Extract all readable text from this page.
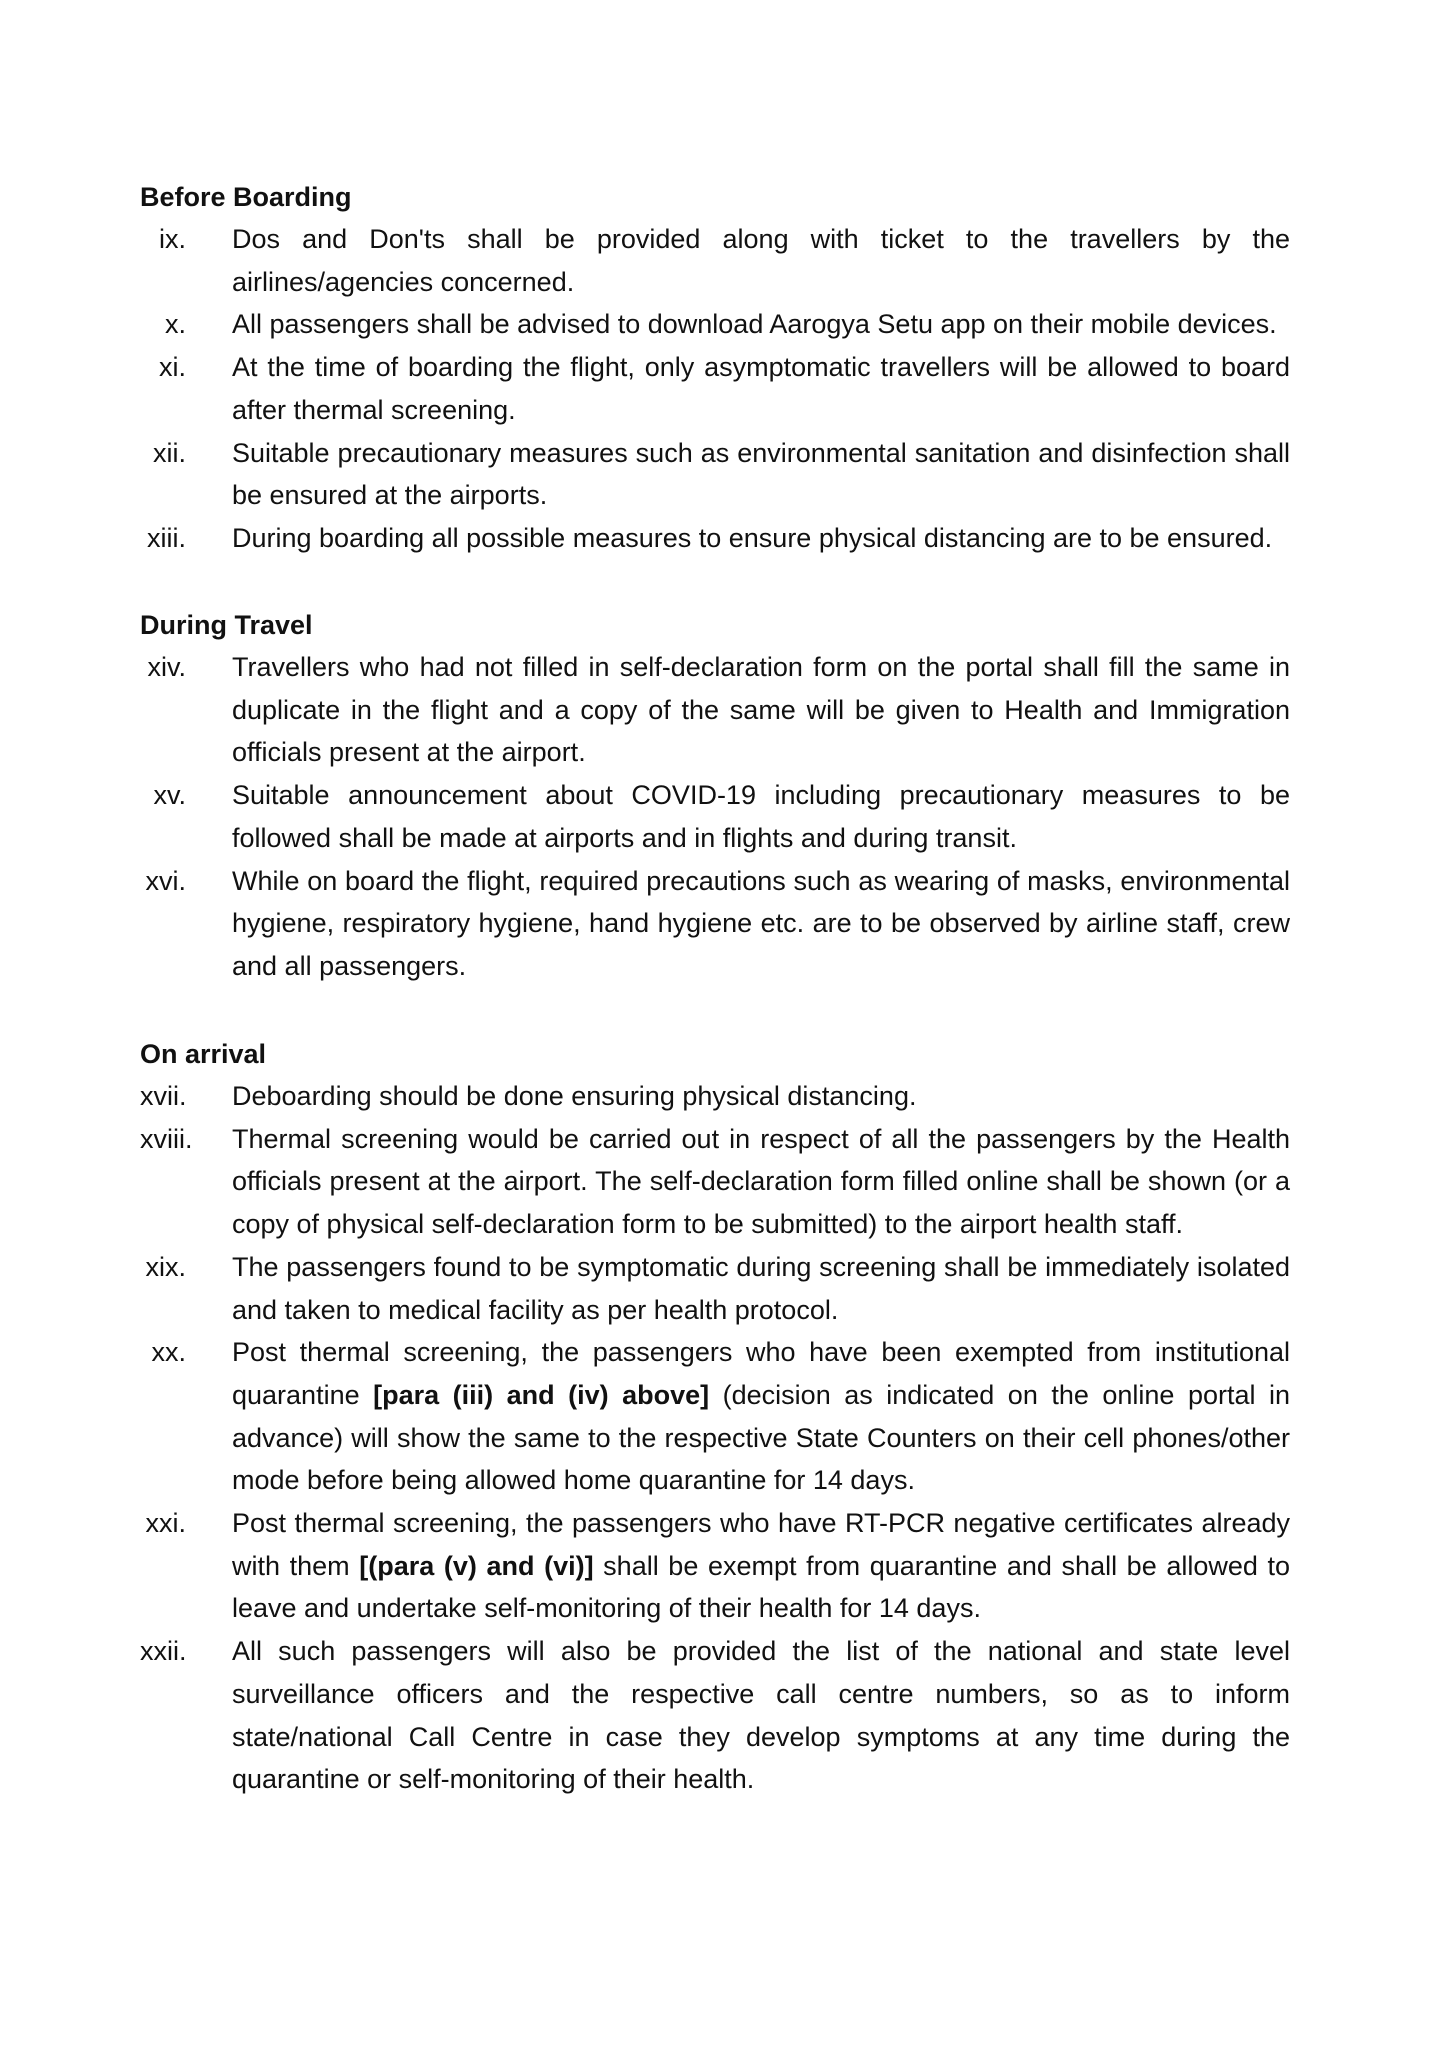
Before Boarding
ix. Dos and Don'ts shall be provided along with ticket to the travellers by the airlines/agencies concerned.
x. All passengers shall be advised to download Aarogya Setu app on their mobile devices.
xi. At the time of boarding the flight, only asymptomatic travellers will be allowed to board after thermal screening.
xii. Suitable precautionary measures such as environmental sanitation and disinfection shall be ensured at the airports.
xiii. During boarding all possible measures to ensure physical distancing are to be ensured.
During Travel
xiv. Travellers who had not filled in self-declaration form on the portal shall fill the same in duplicate in the flight and a copy of the same will be given to Health and Immigration officials present at the airport.
xv. Suitable announcement about COVID-19 including precautionary measures to be followed shall be made at airports and in flights and during transit.
xvi. While on board the flight, required precautions such as wearing of masks, environmental hygiene, respiratory hygiene, hand hygiene etc. are to be observed by airline staff, crew and all passengers.
On arrival
xvii. Deboarding should be done ensuring physical distancing.
xviii. Thermal screening would be carried out in respect of all the passengers by the Health officials present at the airport. The self-declaration form filled online shall be shown (or a copy of physical self-declaration form to be submitted) to the airport health staff.
xix. The passengers found to be symptomatic during screening shall be immediately isolated and taken to medical facility as per health protocol.
xx. Post thermal screening, the passengers who have been exempted from institutional quarantine [para (iii) and (iv) above] (decision as indicated on the online portal in advance) will show the same to the respective State Counters on their cell phones/other mode before being allowed home quarantine for 14 days.
xxi. Post thermal screening, the passengers who have RT-PCR negative certificates already with them [(para (v) and (vi)] shall be exempt from quarantine and shall be allowed to leave and undertake self-monitoring of their health for 14 days.
xxii. All such passengers will also be provided the list of the national and state level surveillance officers and the respective call centre numbers, so as to inform state/national Call Centre in case they develop symptoms at any time during the quarantine or self-monitoring of their health.
